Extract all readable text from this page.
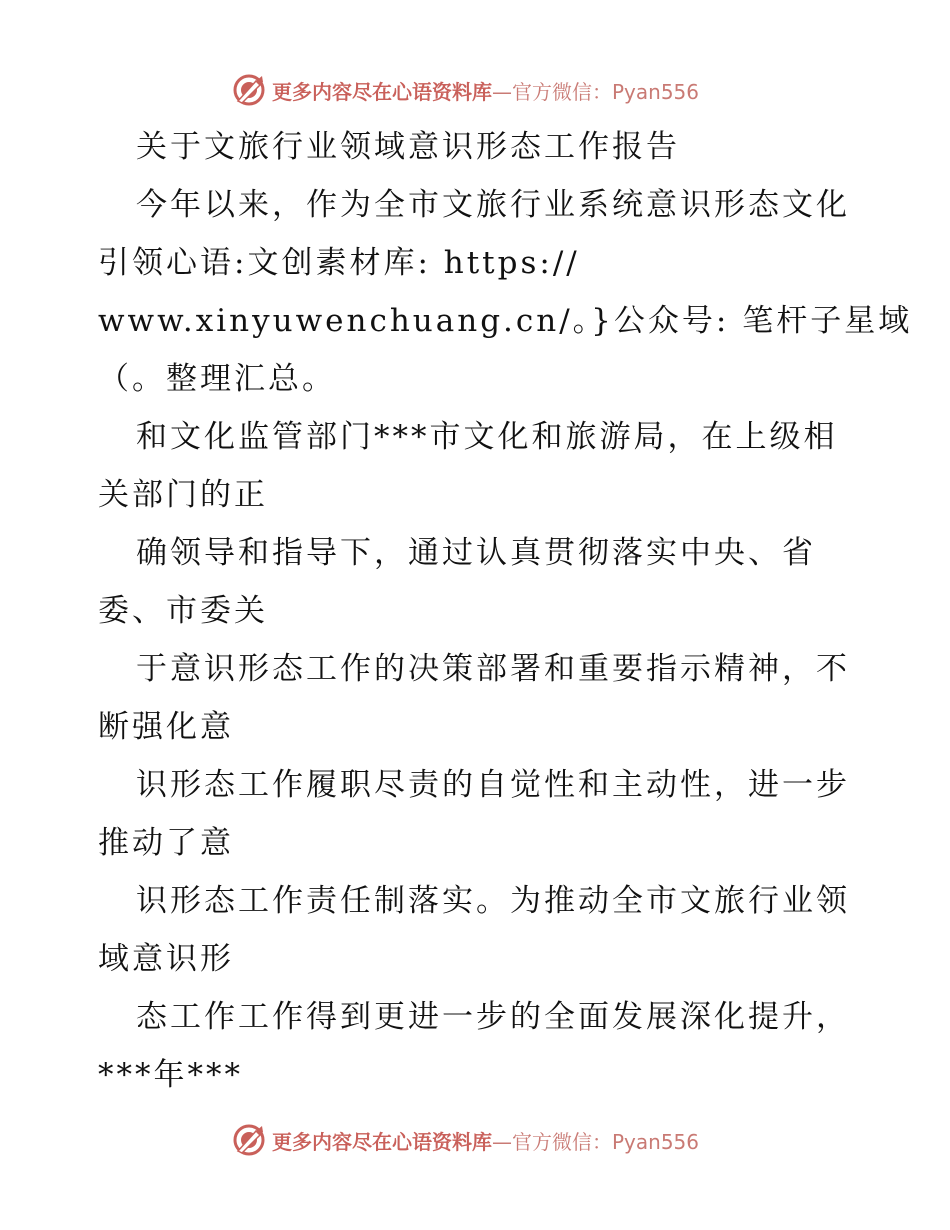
更多内容尽在心语资料库—官方微信：Pyan556
关于文旅行业领域意识形态工作报告
今年以来，作为全市文旅行业系统意识形态文化
引领心语:文创素材库: https://
www.xinyuwenchuang.cn/。}公众号: 笔杆子星域
（。整理汇总。
和文化监管部门***市文化和旅游局，在上级相
关部门的正
确领导和指导下，通过认真贯彻落实中央、省
委、市委关
于意识形态工作的决策部署和重要指示精神，不
断强化意
识形态工作履职尽责的自觉性和主动性，进一步
推动了意
识形态工作责任制落实。为推动全市文旅行业领
域意识形
态工作工作得到更进一步的全面发展深化提升，
***年***
更多内容尽在心语资料库—官方微信：Pyan556
